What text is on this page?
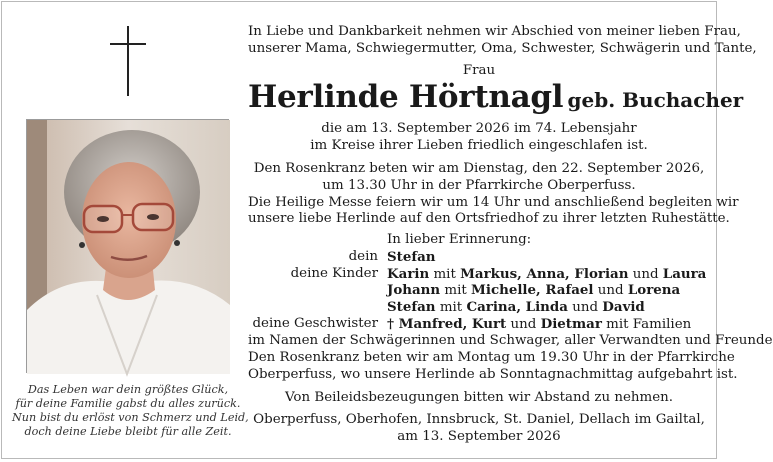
Das Leben war dein größtes Glück,
für deine Familie gabst du alles zurück.
Nun bist du erlöst von Schmerz und Leid,
doch deine Liebe bleibt für alle Zeit.
In Liebe und Dankbarkeit nehmen wir Abschied von meiner lieben Frau,
unserer Mama, Schwiegermutter, Oma, Schwester, Schwägerin und Tante,
Frau
Herlinde Hörtnagl geb. Buchacher
die am 13. September 2026 im 74. Lebensjahr
im Kreise ihrer Lieben friedlich eingeschlafen ist.
Den Rosenkranz beten wir am Dienstag, den 22. September 2026,
um 13.30 Uhr in der Pfarrkirche Oberperfuss.
Die Heilige Messe feiern wir um 14 Uhr und anschließend begleiten wir
unsere liebe Herlinde auf den Ortsfriedhof zu ihrer letzten Ruhestätte.
In lieber Erinnerung:
dein Stefan
deine Kinder Karin mit Markus, Anna, Florian und Laura
Johann mit Michelle, Rafael und Lorena
Stefan mit Carina, Linda und David
deine Geschwister † Manfred, Kurt und Dietmar mit Familien
im Namen der Schwägerinnen und Schwager, aller Verwandten und Freunde
Den Rosenkranz beten wir am Montag um 19.30 Uhr in der Pfarrkirche
Oberperfuss, wo unsere Herlinde ab Sonntagnachmittag aufgebahrt ist.
Von Beileidsbezeugungen bitten wir Abstand zu nehmen.
Oberperfuss, Oberhofen, Innsbruck, St. Daniel, Dellach im Gailtal,
am 13. September 2026
